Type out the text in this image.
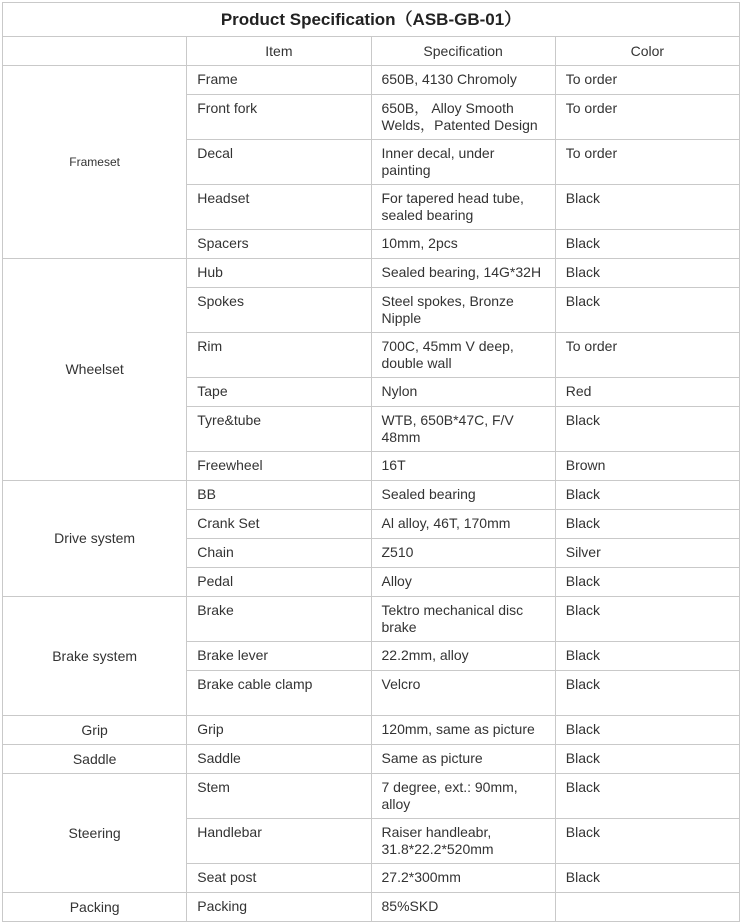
Product Specification（ASB-GB-01）			
	Item	Specification	Color
Frameset	Frame	650B, 4130 Chromoly	To order
	Front fork	650B， Alloy Smooth Welds，Patented Design	To order
	Decal	Inner decal, under painting	To order
	Headset	For tapered head tube, sealed bearing	Black
	Spacers	10mm, 2pcs	Black
Wheelset	Hub	Sealed bearing, 14G*32H	Black
	Spokes	Steel spokes, Bronze Nipple	Black
	Rim	700C, 45mm V deep, double wall	To order
	Tape	Nylon	Red
	Tyre&tube	WTB, 650B*47C, F/V 48mm	Black
	Freewheel	16T	Brown
Drive system	BB	Sealed bearing	Black
	Crank Set	Al alloy, 46T, 170mm	Black
	Chain	Z510	Silver
	Pedal	Alloy	Black
Brake system	Brake	Tektro mechanical disc brake	Black
	Brake lever	22.2mm, alloy	Black
	Brake cable clamp	Velcro	Black
Grip	Grip	120mm, same as picture	Black
Saddle	Saddle	Same as picture	Black
Steering	Stem	7 degree, ext.: 90mm, alloy	Black
	Handlebar	Raiser handleabr, 31.8*22.2*520mm	Black
	Seat post	27.2*300mm	Black
Packing	Packing	85%SKD	
